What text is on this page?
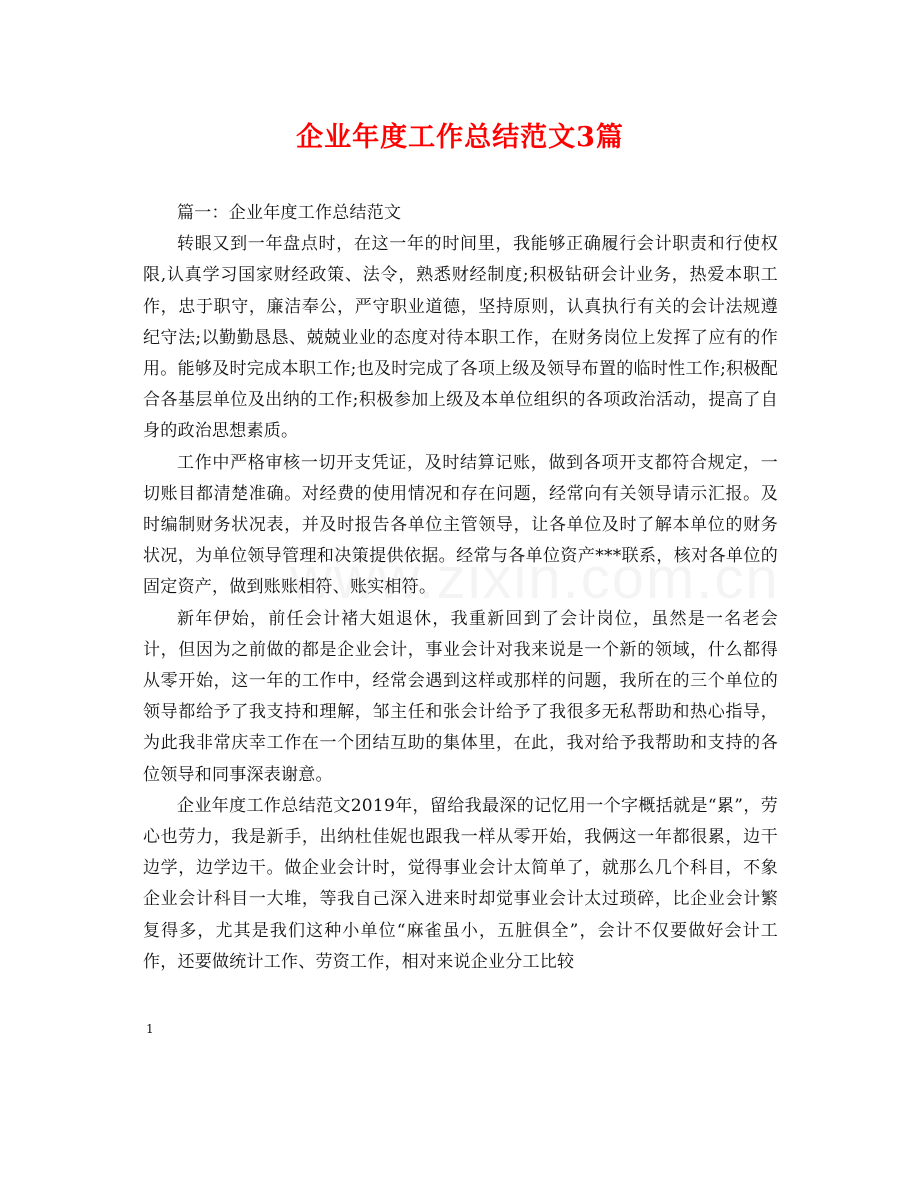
企业年度工作总结范文3篇

篇一：企业年度工作总结范文

转眼又到一年盘点时，在这一年的时间里，我能够正确履行会计职责和行使权限,认真学习国家财经政策、法令，熟悉财经制度;积极钻研会计业务，热爱本职工作，忠于职守，廉洁奉公，严守职业道德，坚持原则，认真执行有关的会计法规遵纪守法;以勤勤恳恳、兢兢业业的态度对待本职工作，在财务岗位上发挥了应有的作用。能够及时完成本职工作;也及时完成了各项上级及领导布置的临时性工作;积极配合各基层单位及出纳的工作;积极参加上级及本单位组织的各项政治活动，提高了自身的政治思想素质。

工作中严格审核一切开支凭证，及时结算记账，做到各项开支都符合规定，一切账目都清楚准确。对经费的使用情况和存在问题，经常向有关领导请示汇报。及时编制财务状况表，并及时报告各单位主管领导，让各单位及时了解本单位的财务状况，为单位领导管理和决策提供依据。经常与各单位资产***联系，核对各单位的固定资产，做到账账相符、账实相符。

新年伊始，前任会计褚大姐退休，我重新回到了会计岗位，虽然是一名老会计，但因为之前做的都是企业会计，事业会计对我来说是一个新的领域，什么都得从零开始，这一年的工作中，经常会遇到这样或那样的问题，我所在的三个单位的领导都给予了我支持和理解，邹主任和张会计给予了我很多无私帮助和热心指导，为此我非常庆幸工作在一个团结互助的集体里，在此，我对给予我帮助和支持的各位领导和同事深表谢意。

企业年度工作总结范文2019年，留给我最深的记忆用一个字概括就是“累”，劳心也劳力，我是新手，出纳杜佳妮也跟我一样从零开始，我俩这一年都很累，边干边学，边学边干。做企业会计时，觉得事业会计太简单了，就那么几个科目，不象企业会计科目一大堆，等我自己深入进来时却觉事业会计太过琐碎，比企业会计繁复得多，尤其是我们这种小单位“麻雀虽小，五脏俱全”，会计不仅要做好会计工作，还要做统计工作、劳资工作，相对来说企业分工比较

1
